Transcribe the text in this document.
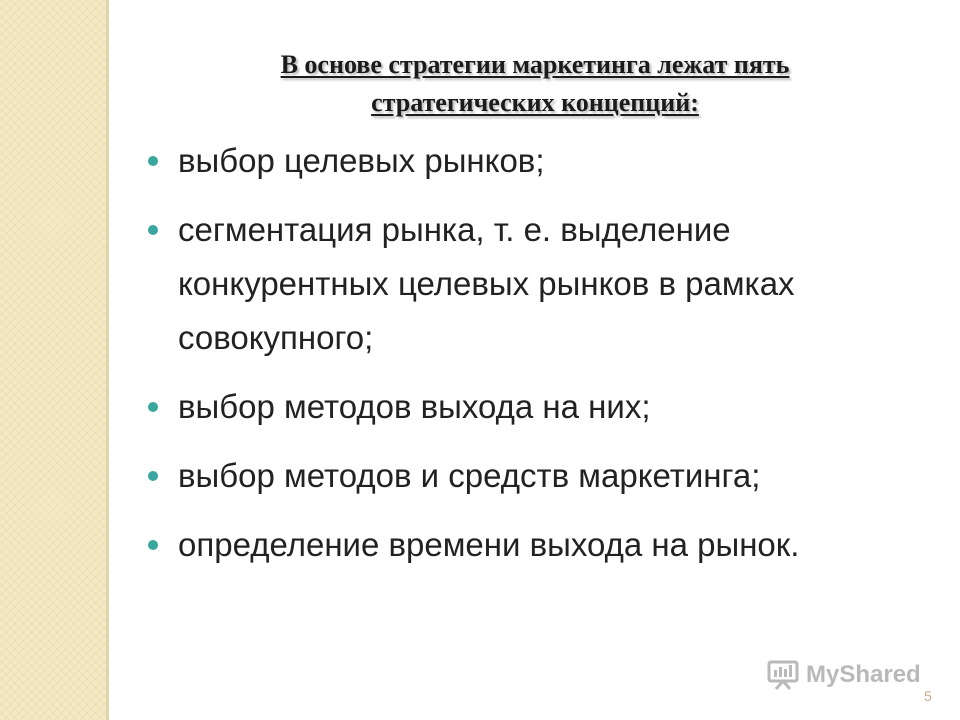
В основе стратегии маркетинга лежат пять
стратегических концепций:
выбор целевых рынков;
сегментация рынка, т. е. выделение конкурентных целевых рынков в рамках совокупного;
выбор методов выхода на них;
выбор методов и средств маркетинга;
определение времени выхода на рынок.
MyShared
5
